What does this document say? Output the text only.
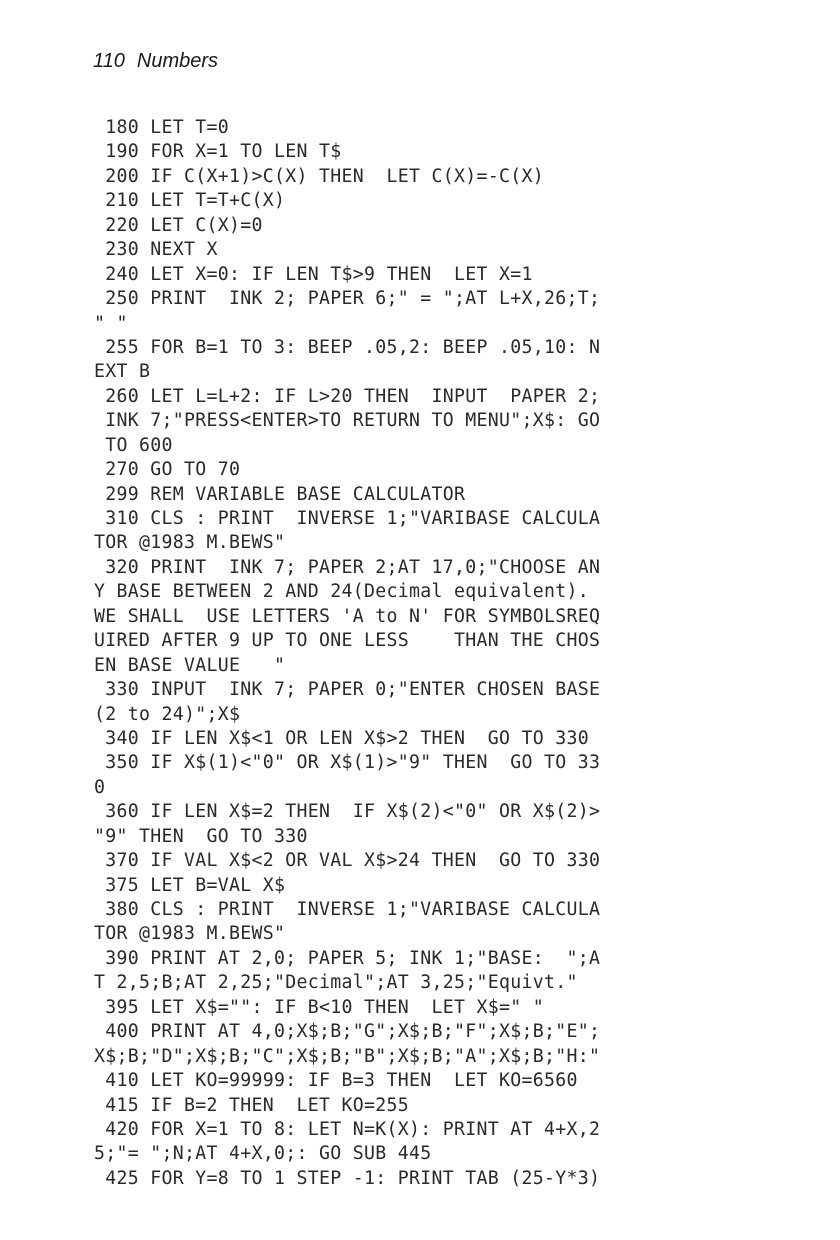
110 Numbers
180 LET T=0
190 FOR X=1 TO LEN T$
200 IF C(X+1)>C(X) THEN  LET C(X)=-C(X)
210 LET T=T+C(X)
220 LET C(X)=0
230 NEXT X
240 LET X=0: IF LEN T$>9 THEN  LET X=1
250 PRINT  INK 2; PAPER 6;" = ";AT L+X,26;T;
" "
255 FOR B=1 TO 3: BEEP .05,2: BEEP .05,10: N
EXT B
260 LET L=L+2: IF L>20 THEN  INPUT  PAPER 2;
INK 7;"PRESS<ENTER>TO RETURN TO MENU";X$: GO
TO 600
270 GO TO 70
299 REM VARIABLE BASE CALCULATOR
310 CLS : PRINT  INVERSE 1;"VARIBASE CALCULA
TOR @1983 M.BEWS"
320 PRINT  INK 7; PAPER 2;AT 17,0;"CHOOSE AN
Y BASE BETWEEN 2 AND 24(Decimal equivalent).
WE SHALL  USE LETTERS 'A to N' FOR SYMBOLSREQ
UIRED AFTER 9 UP TO ONE LESS    THAN THE CHOS
EN BASE VALUE   "
330 INPUT  INK 7; PAPER 0;"ENTER CHOSEN BASE
(2 to 24)";X$
340 IF LEN X$<1 OR LEN X$>2 THEN  GO TO 330
350 IF X$(1)<"0" OR X$(1)>"9" THEN  GO TO 33
0
360 IF LEN X$=2 THEN  IF X$(2)<"0" OR X$(2)>
"9" THEN  GO TO 330
370 IF VAL X$<2 OR VAL X$>24 THEN  GO TO 330
375 LET B=VAL X$
380 CLS : PRINT  INVERSE 1;"VARIBASE CALCULA
TOR @1983 M.BEWS"
390 PRINT AT 2,0; PAPER 5; INK 1;"BASE:  ";A
T 2,5;B;AT 2,25;"Decimal";AT 3,25;"Equivt."
395 LET X$="": IF B<10 THEN  LET X$=" "
400 PRINT AT 4,0;X$;B;"G";X$;B;"F";X$;B;"E";
X$;B;"D";X$;B;"C";X$;B;"B";X$;B;"A";X$;B;"H:"
410 LET KO=99999: IF B=3 THEN  LET KO=6560
415 IF B=2 THEN  LET KO=255
420 FOR X=1 TO 8: LET N=K(X): PRINT AT 4+X,2
5;"= ";N;AT 4+X,0;: GO SUB 445
425 FOR Y=8 TO 1 STEP -1: PRINT TAB (25-Y*3)
